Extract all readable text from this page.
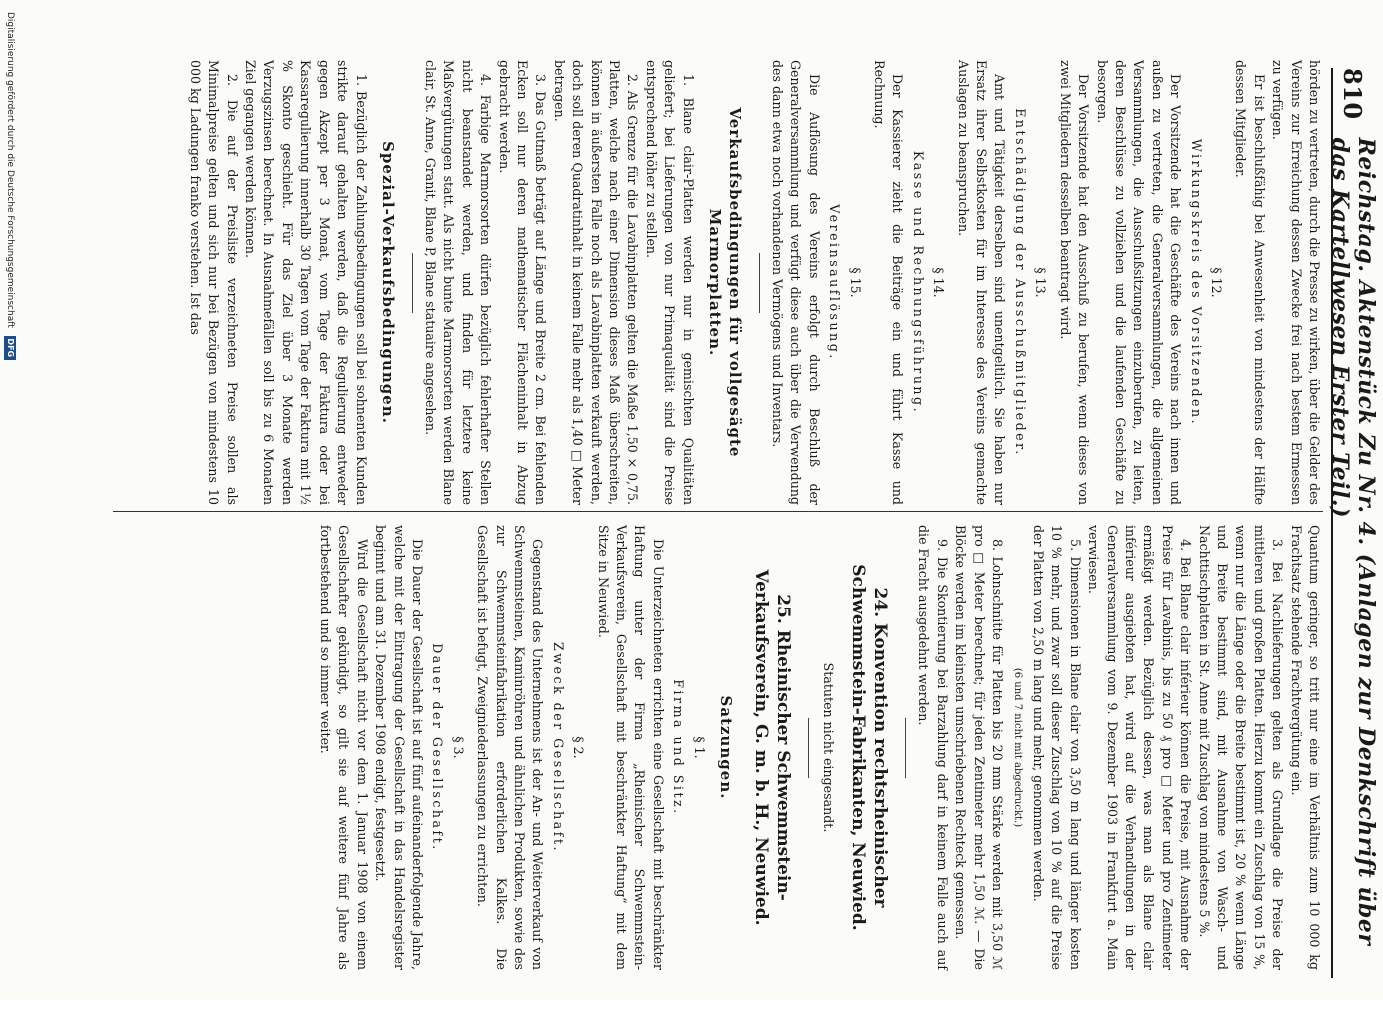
810
Reichstag. Aktenstück Zu Nr. 4. (Anlagen zur Denkschrift über das Kartellwesen Erster Teil.)

hörden zu vertreten, durch die Presse zu wirken, über die Gelder des Vereins zur Erreichung dessen Zwecke frei nach bestem Ermessen zu verfügen.

Er ist beschlußfähig bei Anwesenheit von mindestens der Hälfte dessen Mitglieder.

§ 12.
Wirkungskreis des Vorsitzenden.

Der Vorsitzende hat die Geschäfte des Vereins nach innen und außen zu vertreten, die Generalversammlungen, die allgemeinen Versammlungen, die Ausschußsitzungen einzuberufen, zu leiten, deren Beschlüsse zu vollziehen und die laufenden Geschäfte zu besorgen.

Der Vorsitzende hat den Ausschuß zu berufen, wenn dieses von zwei Mitgliedern desselben beantragt wird.

§ 13.
Entschädigung der Ausschußmitglieder.

Amt und Tätigkeit derselben sind unentgeltlich. Sie haben nur Ersatz ihrer Selbstkosten für im Interesse des Vereins gemachte Auslagen zu beanspruchen.

§ 14.
Kasse und Rechnungsführung.

Der Kassierer zieht die Beiträge ein und führt Kasse und Rechnung.

§ 15.
Vereinsauflösung.

Die Auflösung des Vereins erfolgt durch Beschluß der Generalversammlung und verfügt diese auch über die Verwendung des dann etwa noch vorhandenen Vermögens und Inventars.

Verkaufsbedingungen für vollgesägte Marmorplatten.

1. Blane clair-Platten werden nur in gemischten Qualitäten geliefert; bei Lieferungen von nur Primaqualität sind die Preise entsprechend höher zu stellen.

2. Als Grenze für die Lavabinplatten gelten die Maße 1,50 × 0,75. Platten, welche nach einer Dimension dieses Maß überschreiten, können in äußersten Falle noch als Lavabinplatten verkauft werden, doch soll deren Quadratinhalt in keinem Falle mehr als 1,40 □ Meter betragen.

3. Das Gutmaß beträgt auf Länge und Breite 2 cm. Bei fehlenden Ecken soll nur deren mathematischer Flächeninhalt in Abzug gebracht werden.

4. Farbige Marmorsorten dürfen bezüglich fehlerhafter Stellen nicht beanstandet werden, und finden für letztere keine Maßvergütungen statt. Als nicht bunte Marmorsorten werden Blane clair, St. Anne, Granit, Blane P, Blane statuaire angesehen.

Spezial-Verkaufsbedingungen.

1. Bezüglich der Zahlungsbedingungen soll bei sohnenten Kunden strikte darauf gehalten werden, daß die Regulierung entweder gegen Akzept per 3 Monat, vom Tage der Faktura oder bei Kassaregulierung innerhalb 30 Tagen vom Tage der Faktura mit 1½ % Skonto geschieht. Für das Ziel über 3 Monate werden Verzugszinsen berechnet. In Ausnahmefällen soll bis zu 6 Monaten Ziel gegangen werden können.

2. Die auf der Preisliste verzeichneten Preise sollen als Minimalpreise gelten und sich nur bei Bezügen von mindestens 10 000 kg Ladungen franko verstehen. Ist das

Quantum geringer, so tritt nur eine im Verhältnis zum 10 000 kg Frachtsatz stehende Frachtvergütung ein.

3. Bei Nachlieferungen gelten als Grundlage die Preise der mittleren und großen Platten. Hierzu kommt ein Zuschlag von 15 %, wenn nur die Länge oder die Breite bestimmt ist, 20 % wenn Länge und Breite bestimmt sind, mit Ausnahme von Wasch- und Nachttischplatten in St. Anne mit Zuschlag von mindestens 5 %.

4. Bei Blane clair inférieur können die Preise, mit Ausnahme der Preise für Lavabinis, bis zu 50 ₰ pro □ Meter und pro Zentimeter ermäßigt werden. Bezüglich dessen, was man als Blane clair inférieur ausgiebten hat, wird auf die Verhandlungen in der Generalversammlung vom 9. Dezember 1903 in Frankfurt a. Main verwiesen.

5. Dimensionen in Blane clair von 3,50 m lang und länger kosten 10 % mehr, und zwar soll dieser Zuschlag von 10 % auf die Preise der Platten von 2,50 m lang und mehr, genommen werden.

(6 und 7 nicht mit abgedruckt.)

8. Lohnschnitte für Platten bis 20 mm Stärke werden mit 3,50 ℳ pro □ Meter berechnet; für jeden Zentimeter mehr 1,50 ℳ. — Die Blöcke werden im kleinsten umschriebenen Rechteck gemessen.

9. Die Skontierung bei Barzahlung darf in keinem Falle auch auf die Fracht ausgedehnt werden.

24. Konvention rechtsrheinischer Schwemmstein-Fabrikanten, Neuwied.
Statuten nicht eingesandt.
25. Rheinischer Schwemmstein-Verkaufsverein, G. m. b. H., Neuwied.
Satzungen.
§ 1.
Firma und Sitz.

Die Unterzeichneten errichten eine Gesellschaft mit beschränkter Haftung unter der Firma „Rheinischer Schwemmstein-Verkaufsverein, Gesellschaft mit beschränkter Haftung“ mit dem Sitze in Neuwied.

§ 2.
Zweck der Gesellschaft.

Gegenstand des Unternehmens ist der An- und Weiterverkauf von Schwemmsteinen, Kaminröhren und ähnlichen Produkten, sowie des zur Schwemmsteinfabrikation erforderlichen Kalkes. Die Gesellschaft ist befugt, Zweigniederlassungen zu errichten.

§ 3.
Dauer der Gesellschaft.

Die Dauer der Gesellschaft ist auf fünf aufeinanderfolgende Jahre, welche mit der Eintragung der Gesellschaft in das Handelsregister beginnt und am 31. Dezember 1908 endigt, festgesetzt.

Wird die Gesellschaft nicht vor dem 1. Januar 1908 von einem Gesellschafter gekündigt, so gilt sie auf weitere fünf Jahre als fortbestehend und so immer weiter.

Digitalisierung gefördert durch die Deutsche Forschungsgemeinschaft
DFG
